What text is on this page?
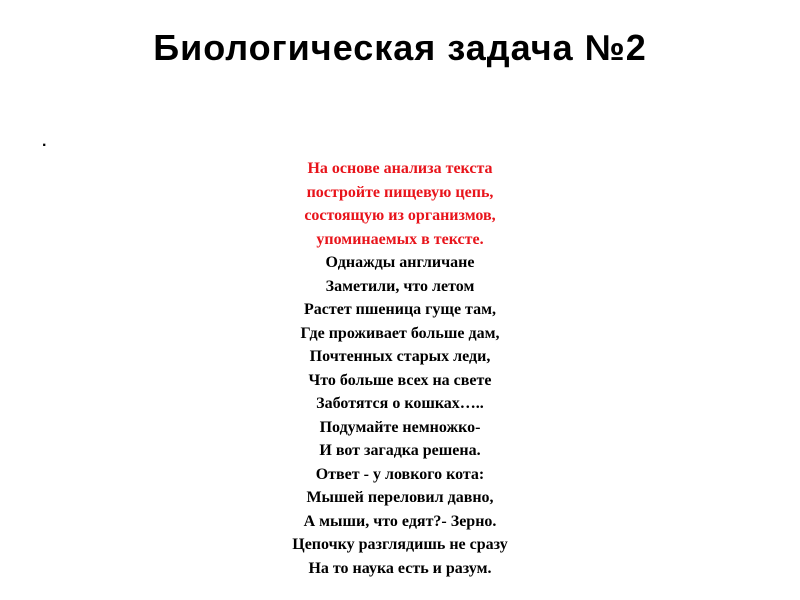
Биологическая задача №2
.
На основе анализа текста
постройте пищевую цепь,
состоящую из организмов,
упоминаемых в тексте.
Однажды англичане
Заметили, что летом
Растет пшеница гуще там,
Где проживает больше дам,
Почтенных старых леди,
Что больше всех на свете
Заботятся о кошках…..
Подумайте немножко-
И вот загадка решена.
Ответ - у ловкого кота:
Мышей переловил давно,
А мыши, что едят?- Зерно.
Цепочку разглядишь не сразу
На то наука есть и разум.
